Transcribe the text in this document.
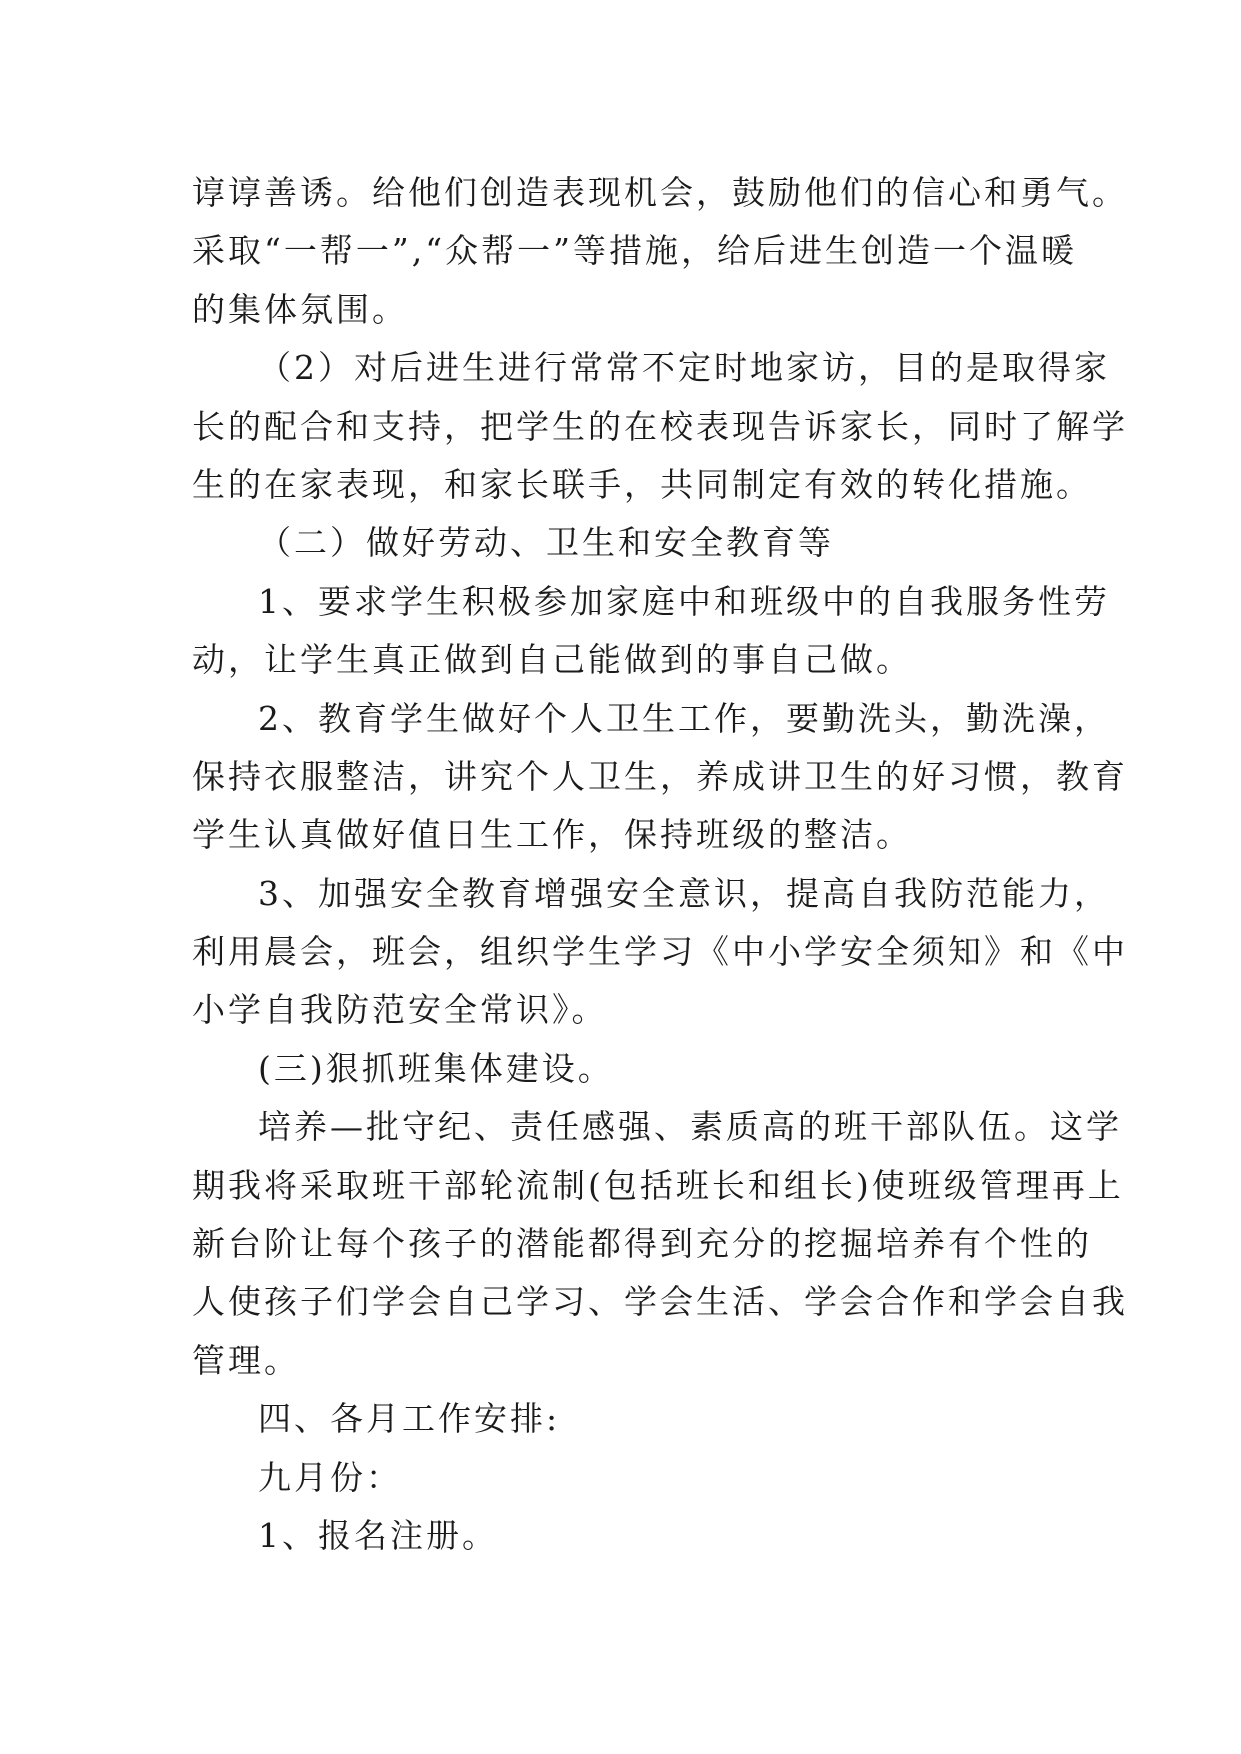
谆谆善诱。给他们创造表现机会，鼓励他们的信心和勇气。
采取“一帮一”,“众帮一”等措施，给后进生创造一个温暖
的集体氛围。
（2）对后进生进行常常不定时地家访，目的是取得家
长的配合和支持，把学生的在校表现告诉家长，同时了解学
生的在家表现，和家长联手，共同制定有效的转化措施。
（二）做好劳动、卫生和安全教育等
1、要求学生积极参加家庭中和班级中的自我服务性劳
动，让学生真正做到自己能做到的事自己做。
2、教育学生做好个人卫生工作，要勤洗头，勤洗澡，
保持衣服整洁，讲究个人卫生，养成讲卫生的好习惯，教育
学生认真做好值日生工作，保持班级的整洁。
3、加强安全教育增强安全意识，提高自我防范能力，
利用晨会，班会，组织学生学习《中小学安全须知》和《中
小学自我防范安全常识》。
(三)狠抓班集体建设。
培养—批守纪、责任感强、素质高的班干部队伍。这学
期我将采取班干部轮流制(包括班长和组长)使班级管理再上
新台阶让每个孩子的潜能都得到充分的挖掘培养有个性的
人使孩子们学会自己学习、学会生活、学会合作和学会自我
管理。
四、各月工作安排:
九月份：
1、报名注册。
